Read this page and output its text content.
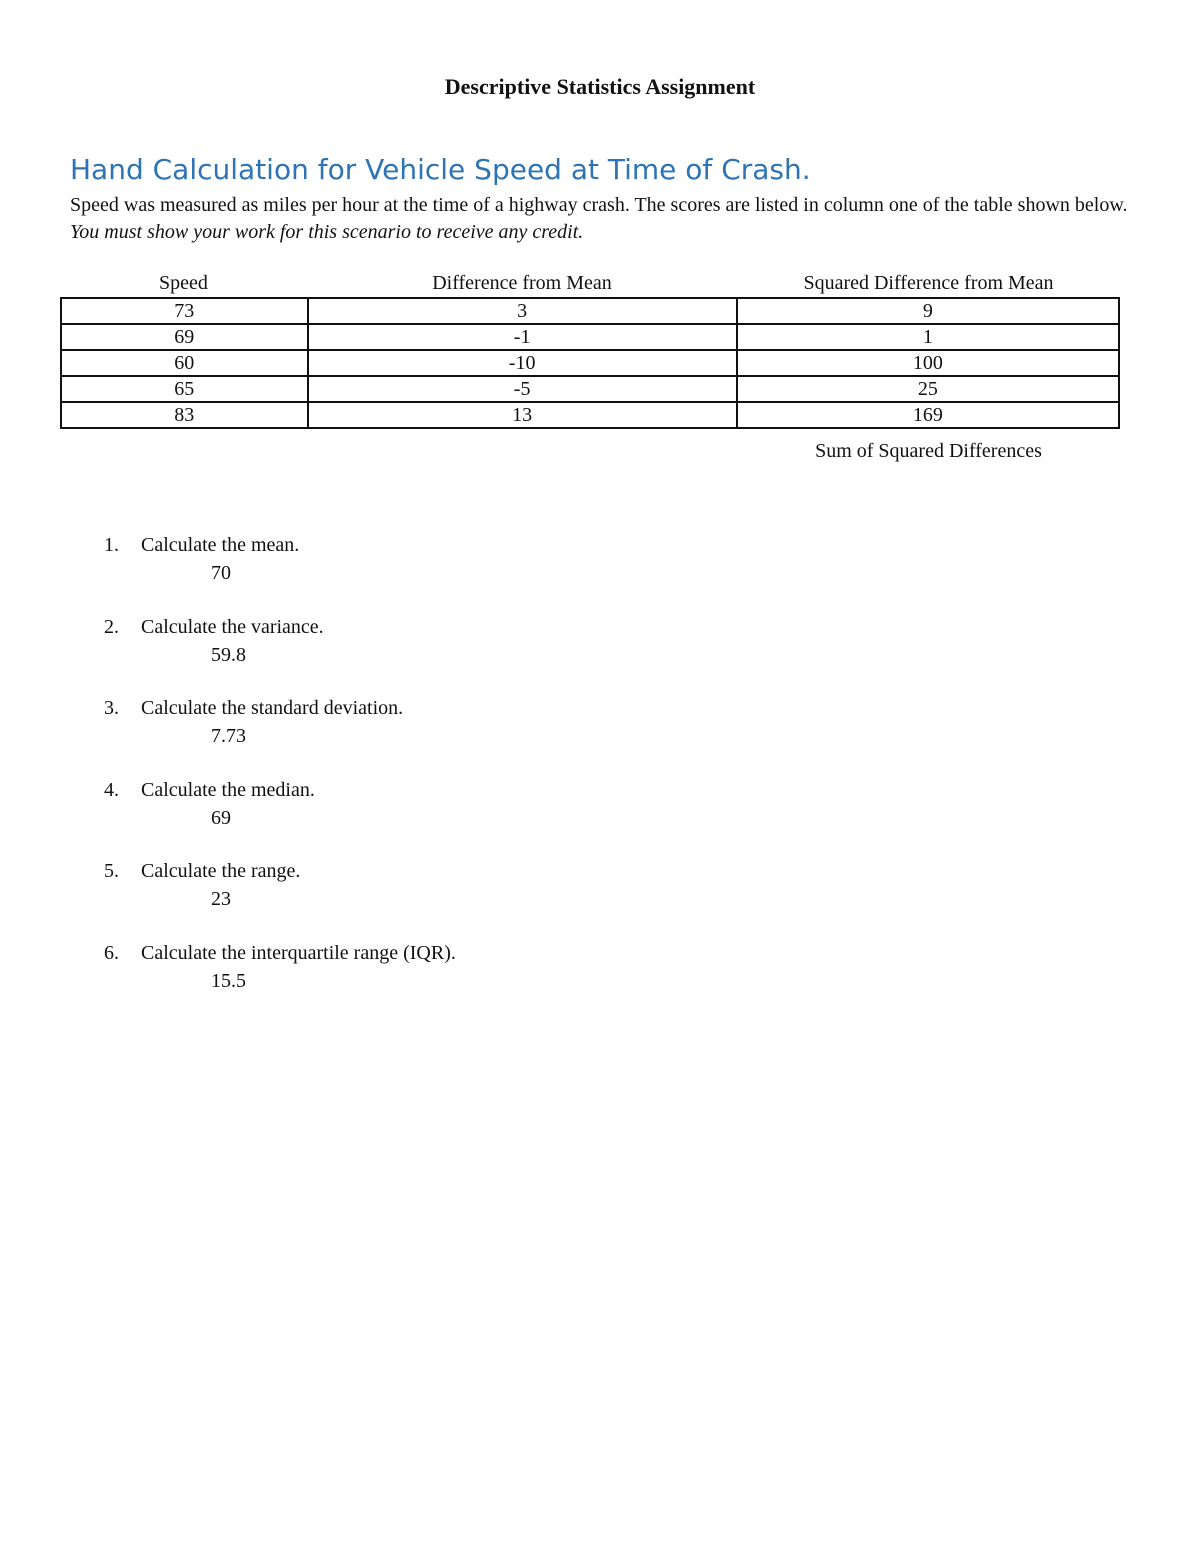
Descriptive Statistics Assignment
Hand Calculation for Vehicle Speed at Time of Crash.

Speed was measured as miles per hour at the time of a highway crash. The scores are listed in column one of the table shown below. You must show your work for this scenario to receive any credit.

Speed	Difference from Mean	Squared Difference from Mean
73	3	9
69	-1	1
60	-10	100
65	-5	25
83	13	169
Sum of Squared Differences
1.	Calculate the mean.
70
2.	Calculate the variance.
59.8
3.	Calculate the standard deviation.
7.73
4.	Calculate the median.
69
5.	Calculate the range.
23
6.	Calculate the interquartile range (IQR).
15.5
